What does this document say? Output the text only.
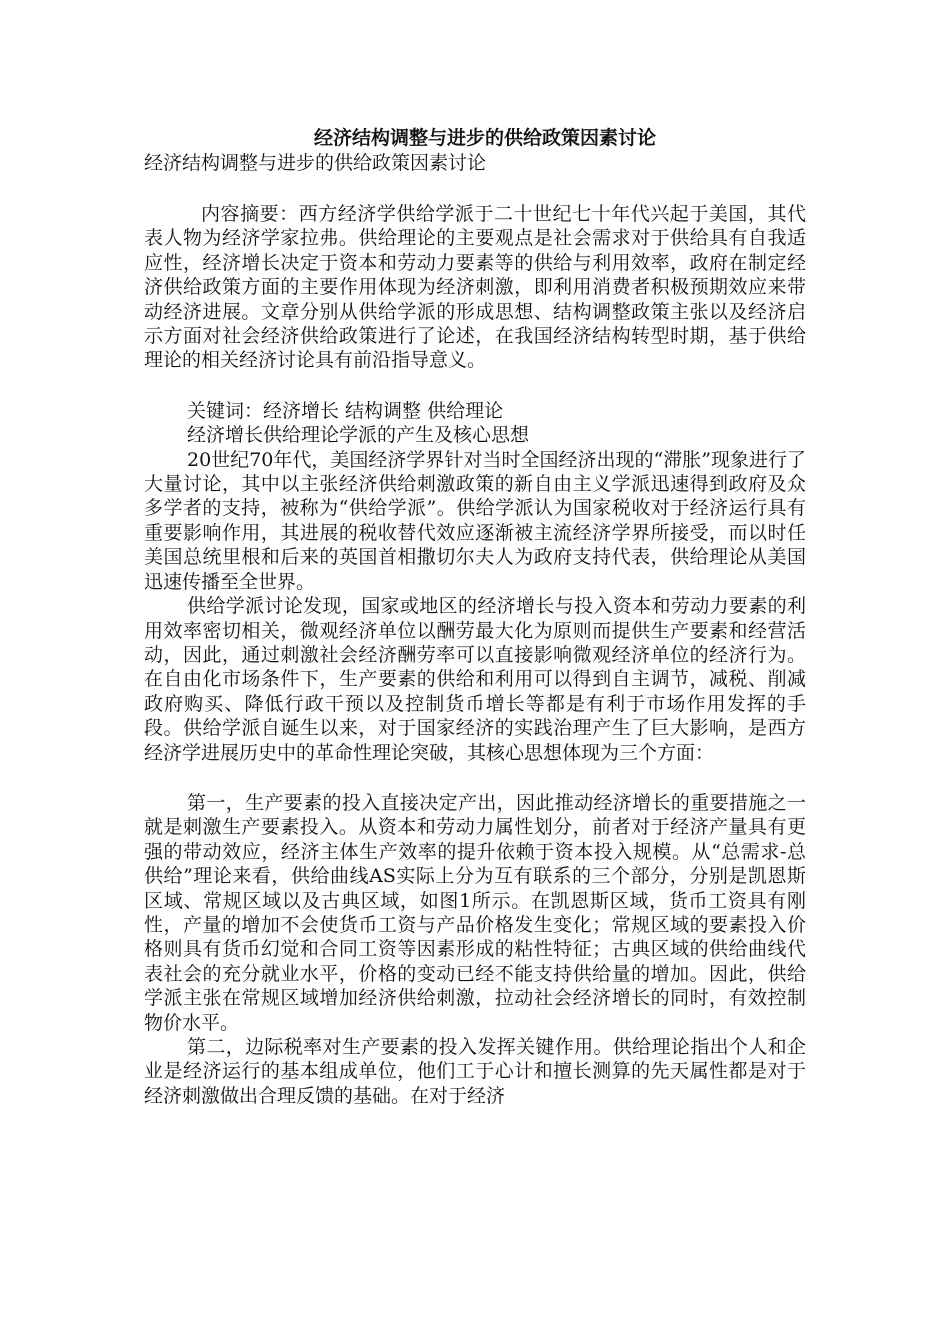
经济结构调整与进步的供给政策因素讨论
经济结构调整与进步的供给政策因素讨论

内容摘要：西方经济学供给学派于二十世纪七十年代兴起于美国，其代表人物为经济学家拉弗。供给理论的主要观点是社会需求对于供给具有自我适应性，经济增长决定于资本和劳动力要素等的供给与利用效率，政府在制定经济供给政策方面的主要作用体现为经济刺激，即利用消费者积极预期效应来带动经济进展。文章分别从供给学派的形成思想、结构调整政策主张以及经济启示方面对社会经济供给政策进行了论述，在我国经济结构转型时期，基于供给理论的相关经济讨论具有前沿指导意义。

关键词：经济增长 结构调整 供给理论

经济增长供给理论学派的产生及核心思想

20世纪70年代，美国经济学界针对当时全国经济出现的“滞胀”现象进行了大量讨论，其中以主张经济供给刺激政策的新自由主义学派迅速得到政府及众多学者的支持，被称为“供给学派”。供给学派认为国家税收对于经济运行具有重要影响作用，其进展的税收替代效应逐渐被主流经济学界所接受，而以时任美国总统里根和后来的英国首相撒切尔夫人为政府支持代表，供给理论从美国迅速传播至全世界。

供给学派讨论发现，国家或地区的经济增长与投入资本和劳动力要素的利用效率密切相关，微观经济单位以酬劳最大化为原则而提供生产要素和经营活动，因此，通过刺激社会经济酬劳率可以直接影响微观经济单位的经济行为。在自由化市场条件下，生产要素的供给和利用可以得到自主调节，减税、削减政府购买、降低行政干预以及控制货币增长等都是有利于市场作用发挥的手段。供给学派自诞生以来，对于国家经济的实践治理产生了巨大影响，是西方经济学进展历史中的革命性理论突破，其核心思想体现为三个方面：

第一，生产要素的投入直接决定产出，因此推动经济增长的重要措施之一就是刺激生产要素投入。从资本和劳动力属性划分，前者对于经济产量具有更强的带动效应，经济主体生产效率的提升依赖于资本投入规模。从“总需求-总供给”理论来看，供给曲线AS实际上分为互有联系的三个部分，分别是凯恩斯区域、常规区域以及古典区域，如图1所示。在凯恩斯区域，货币工资具有刚性，产量的增加不会使货币工资与产品价格发生变化；常规区域的要素投入价格则具有货币幻觉和合同工资等因素形成的粘性特征；古典区域的供给曲线代表社会的充分就业水平，价格的变动已经不能支持供给量的增加。因此，供给学派主张在常规区域增加经济供给刺激，拉动社会经济增长的同时，有效控制物价水平。

第二，边际税率对生产要素的投入发挥关键作用。供给理论指出个人和企业是经济运行的基本组成单位，他们工于心计和擅长测算的先天属性都是对于经济刺激做出合理反馈的基础。在对于经济
